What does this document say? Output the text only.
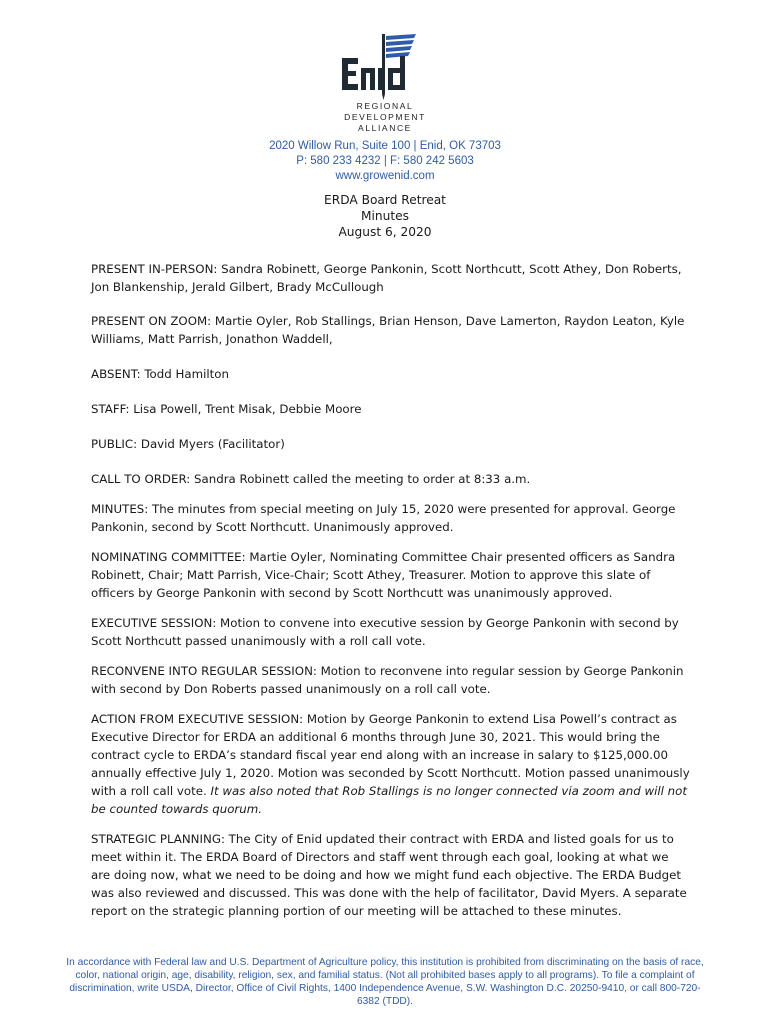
REGIONAL
DEVELOPMENT
ALLIANCE
2020 Willow Run, Suite 100 | Enid, OK 73703
P: 580 233 4232 | F: 580 242 5603
www.growenid.com
ERDA Board Retreat
Minutes
August 6, 2020

PRESENT IN-PERSON: Sandra Robinett, George Pankonin, Scott Northcutt, Scott Athey, Don Roberts, Jon Blankenship, Jerald Gilbert, Brady McCullough

PRESENT ON ZOOM: Martie Oyler, Rob Stallings, Brian Henson, Dave Lamerton, Raydon Leaton, Kyle Williams, Matt Parrish, Jonathon Waddell,

ABSENT: Todd Hamilton

STAFF: Lisa Powell, Trent Misak, Debbie Moore

PUBLIC: David Myers (Facilitator)

CALL TO ORDER: Sandra Robinett called the meeting to order at 8:33 a.m.

MINUTES: The minutes from special meeting on July 15, 2020 were presented for approval. George Pankonin, second by Scott Northcutt. Unanimously approved.

NOMINATING COMMITTEE: Martie Oyler, Nominating Committee Chair presented officers as Sandra Robinett, Chair; Matt Parrish, Vice-Chair; Scott Athey, Treasurer. Motion to approve this slate of officers by George Pankonin with second by Scott Northcutt was unanimously approved.

EXECUTIVE SESSION: Motion to convene into executive session by George Pankonin with second by Scott Northcutt passed unanimously with a roll call vote.

RECONVENE INTO REGULAR SESSION: Motion to reconvene into regular session by George Pankonin with second by Don Roberts passed unanimously on a roll call vote.

ACTION FROM EXECUTIVE SESSION: Motion by George Pankonin to extend Lisa Powell’s contract as Executive Director for ERDA an additional 6 months through June 30, 2021. This would bring the contract cycle to ERDA’s standard fiscal year end along with an increase in salary to $125,000.00 annually effective July 1, 2020. Motion was seconded by Scott Northcutt. Motion passed unanimously with a roll call vote. It was also noted that Rob Stallings is no longer connected via zoom and will not be counted towards quorum.

STRATEGIC PLANNING: The City of Enid updated their contract with ERDA and listed goals for us to meet within it. The ERDA Board of Directors and staff went through each goal, looking at what we are doing now, what we need to be doing and how we might fund each objective. The ERDA Budget was also reviewed and discussed. This was done with the help of facilitator, David Myers. A separate report on the strategic planning portion of our meeting will be attached to these minutes.

In accordance with Federal law and U.S. Department of Agriculture policy, this institution is prohibited from discriminating on the basis of race, color, national origin, age, disability, religion, sex, and familial status. (Not all prohibited bases apply to all programs). To file a complaint of discrimination, write USDA, Director, Office of Civil Rights, 1400 Independence Avenue, S.W. Washington D.C. 20250-9410, or call 800-720-6382 (TDD).
